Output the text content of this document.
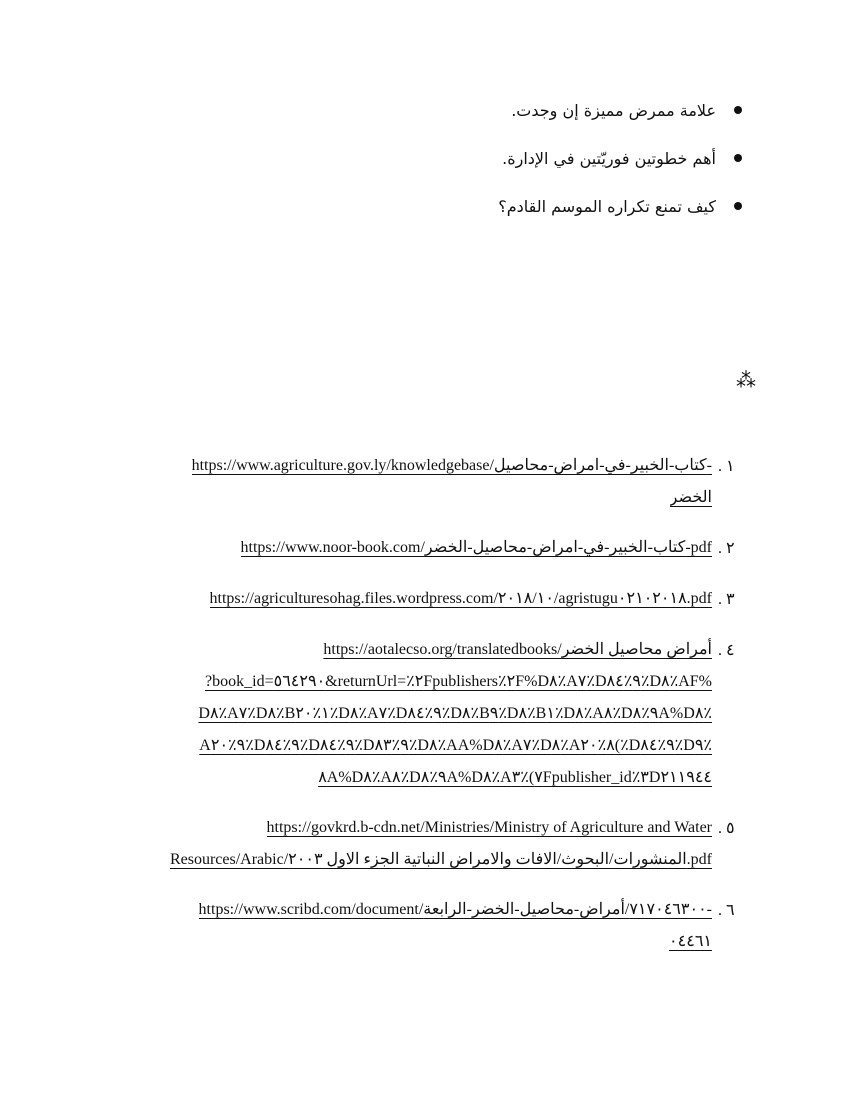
علامة ممرض مميزة إن وجدت.
أهم خطوتين فوريّتين في الإدارة.
كيف تمنع تكراره الموسم القادم؟
⁂
١ .
https://www.agriculture.gov.ly/knowledgebase/كتاب-الخبير-في-امراض-محاصيل-
الخضر
٢ .
https://www.noor-book.com/كتاب-الخبير-في-امراض-محاصيل-الخضر-pdf
٣ .
https://agriculturesohag.files.wordpress.com/٢٠١٨/١٠/agristugu٠٢١٠٢٠١٨.pdf
٤ .
https://aotalecso.org/translatedbooks/أمراض محاصيل الخضر
?book_id=٥٦٤٢٩٠&returnUrl=٪٢Fpublishers٪٢F%D٨٪A٧٪D٩٪٨٤٪D٨٪AF%
D٨٪A٧٪D٨٪B١٪٢٠٪D٨٪A٧٪D٩٪٨٤٪D٨٪B٩٪D٨٪B١٪D٨٪A٨٪D٩٪٨A%D٨٪
A٩٪٢٠٪D٩٪٨٤٪D٩٪٨٤٪D٩٪٨٣٪D٨٪AA%D٨٪A٧٪D٨٪A٨٪٢٠(٪D٩٪٨٤٪D٩٪
٨A%D٨٪A٨٪D٩٪٨A%D٨٪A٧)٪٣Fpublisher_id٪٣D٢١١٩٤٤
٥ .
https://govkrd.b-cdn.net/Ministries/Ministry of Agriculture and Water
Resources/Arabic/المنشورات/البحوث/الافات والامراض النباتية الجزء الاول ٢٠٠٣.pdf
٦ .
https://www.scribd.com/document/٧١٧٠٤٦٣٠٠/أمراض-محاصيل-الخضر-الرابعة-
٠٤٤٦١
